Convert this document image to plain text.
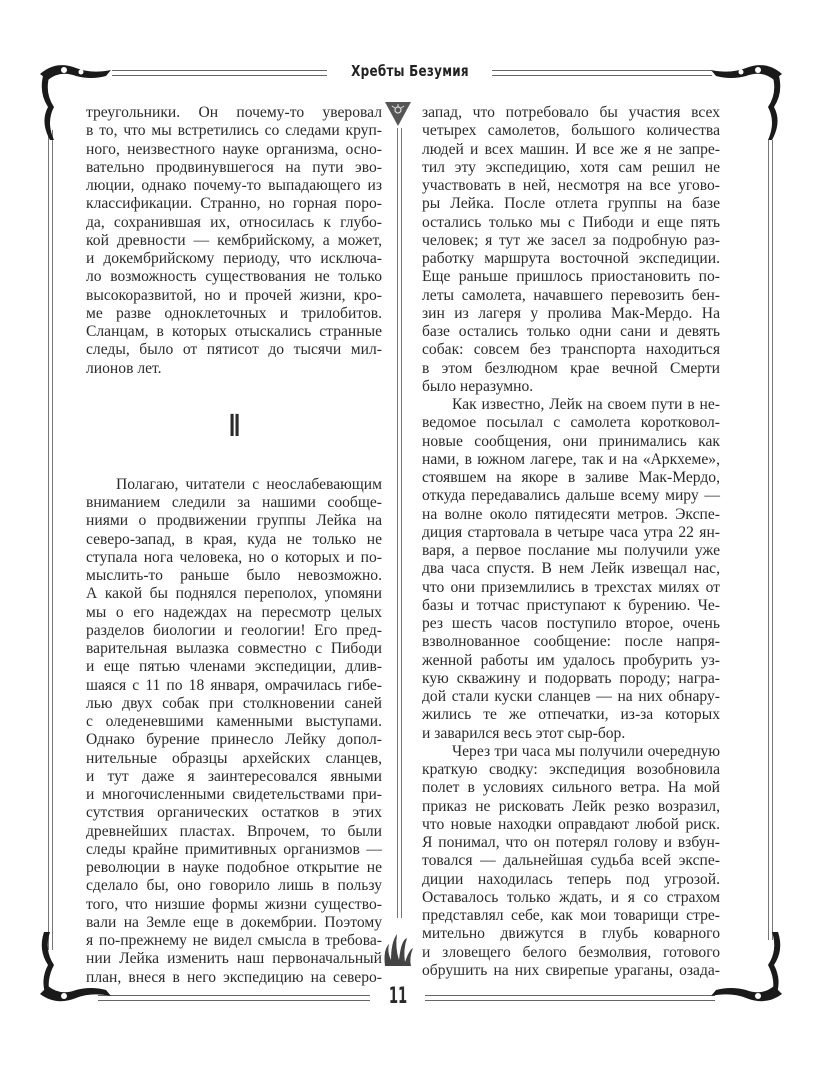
Хребты Безумия
треугольники. Он почему-то уверовал
в то, что мы встретились со следами круп-
ного, неизвестного науке организма, осно-
вательно продвинувшегося на пути эво-
люции, однако почему-то выпадающего из
классификации. Странно, но горная поро-
да, сохранившая их, относилась к глубо-
кой древности — кембрийскому, а может,
и докембрийскому периоду, что исключа-
ло возможность существования не только
высокоразвитой, но и прочей жизни, кро-
ме разве одноклеточных и трилобитов.
Сланцам, в которых отыскались странные
следы, было от пятисот до тысячи мил-
лионов лет.
II
Полагаю, читатели с неослабевающим
вниманием следили за нашими сообще-
ниями о продвижении группы Лейка на
северо-запад, в края, куда не только не
ступала нога человека, но о которых и по-
мыслить-то раньше было невозможно.
А какой бы поднялся переполох, упомяни
мы о его надеждах на пересмотр целых
разделов биологии и геологии! Его пред-
варительная вылазка совместно с Пибоди
и еще пятью членами экспедиции, длив-
шаяся с 11 по 18 января, омрачилась гибе-
лью двух собак при столкновении саней
с оледеневшими каменными выступами.
Однако бурение принесло Лейку допол-
нительные образцы архейских сланцев,
и тут даже я заинтересовался явными
и многочисленными свидетельствами при-
сутствия органических остатков в этих
древнейших пластах. Впрочем, то были
следы крайне примитивных организмов —
революции в науке подобное открытие не
сделало бы, оно говорило лишь в пользу
того, что низшие формы жизни существо-
вали на Земле еще в докембрии. Поэтому
я по-прежнему не видел смысла в требова-
нии Лейка изменить наш первоначальный
план, внеся в него экспедицию на северо-
запад, что потребовало бы участия всех
четырех самолетов, большого количества
людей и всех машин. И все же я не запре-
тил эту экспедицию, хотя сам решил не
участвовать в ней, несмотря на все угово-
ры Лейка. После отлета группы на базе
остались только мы с Пибоди и еще пять
человек; я тут же засел за подробную раз-
работку маршрута восточной экспедиции.
Еще раньше пришлось приостановить по-
леты самолета, начавшего перевозить бен-
зин из лагеря у пролива Мак-Мердо. На
базе остались только одни сани и девять
собак: совсем без транспорта находиться
в этом безлюдном крае вечной Смерти
было неразумно.
Как известно, Лейк на своем пути в не-
ведомое посылал с самолета коротковол-
новые сообщения, они принимались как
нами, в южном лагере, так и на «Аркхеме»,
стоявшем на якоре в заливе Мак-Мердо,
откуда передавались дальше всему миру —
на волне около пятидесяти метров. Экспе-
диция стартовала в четыре часа утра 22 ян-
варя, а первое послание мы получили уже
два часа спустя. В нем Лейк извещал нас,
что они приземлились в трехстах милях от
базы и тотчас приступают к бурению. Че-
рез шесть часов поступило второе, очень
взволнованное сообщение: после напря-
женной работы им удалось пробурить уз-
кую скважину и подорвать породу; награ-
дой стали куски сланцев — на них обнару-
жились те же отпечатки, из-за которых
и заварился весь этот сыр-бор.
Через три часа мы получили очередную
краткую сводку: экспедиция возобновила
полет в условиях сильного ветра. На мой
приказ не рисковать Лейк резко возразил,
что новые находки оправдают любой риск.
Я понимал, что он потерял голову и взбун-
товался — дальнейшая судьба всей экспе-
диции находилась теперь под угрозой.
Оставалось только ждать, и я со страхом
представлял себе, как мои товарищи стре-
мительно движутся в глубь коварного
и зловещего белого безмолвия, готового
обрушить на них свирепые ураганы, озада-
11
